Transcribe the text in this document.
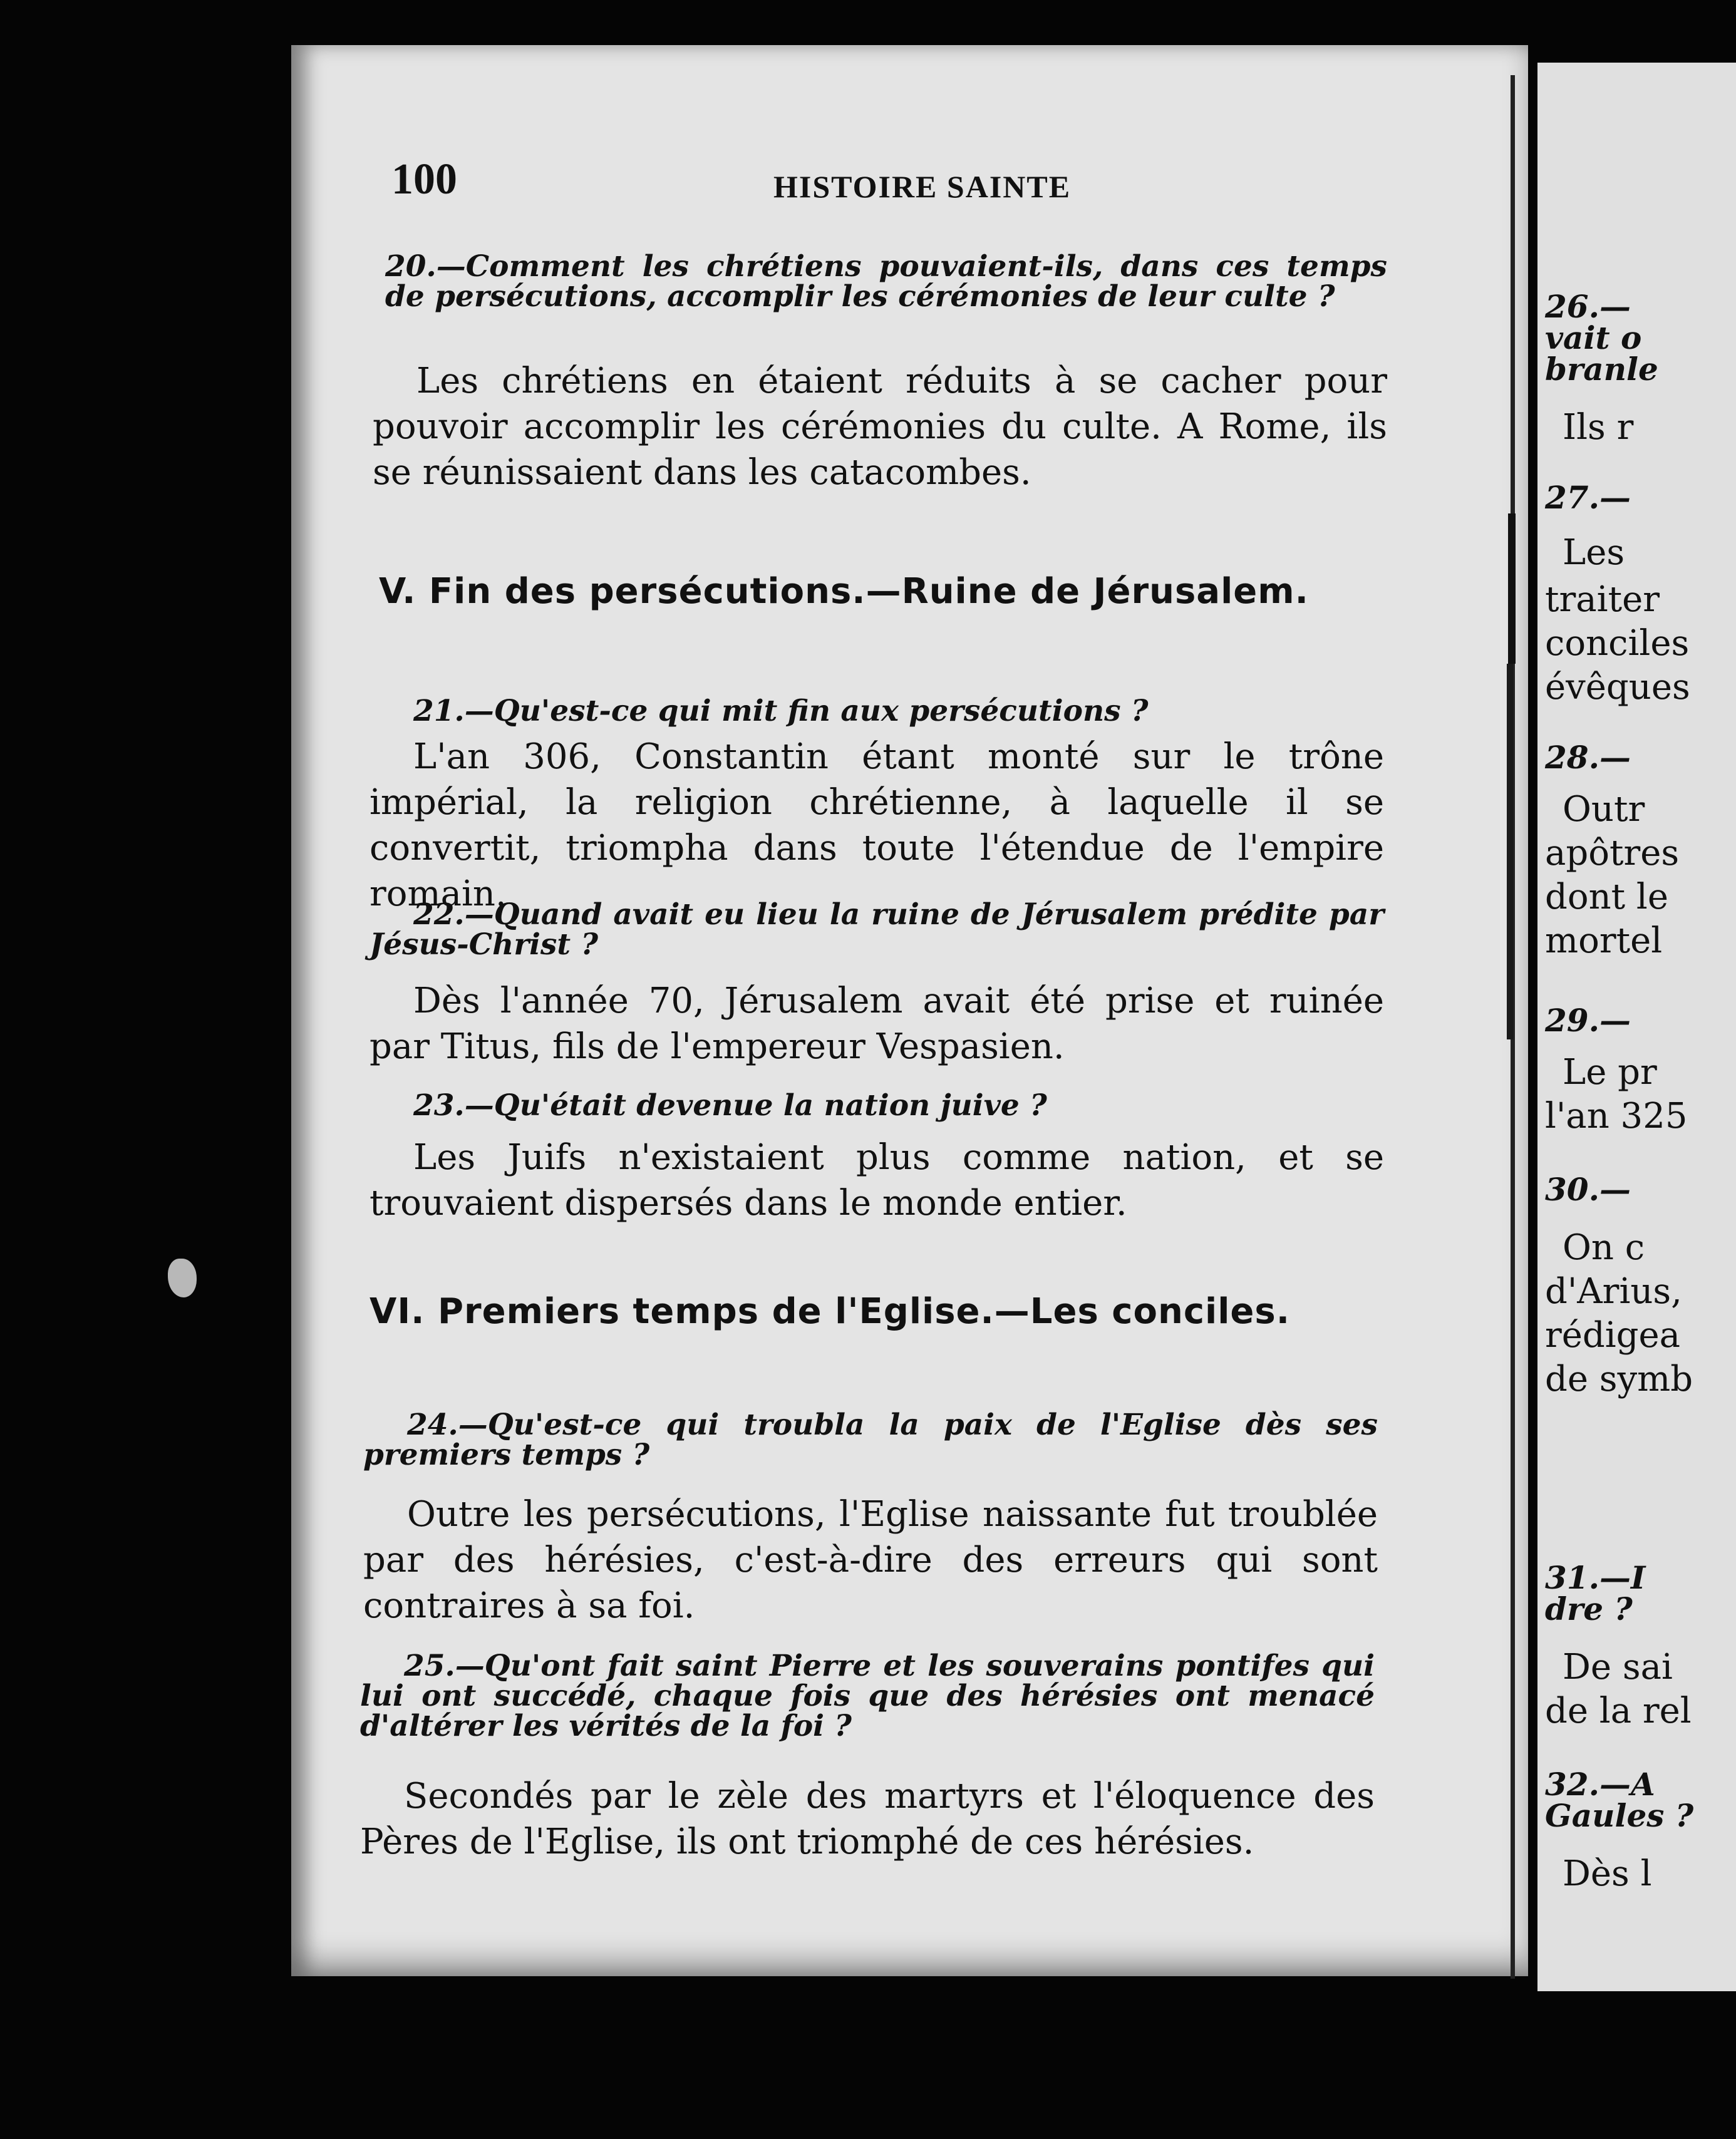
100	HISTOIRE SAINTE
20.—Comment les chrétiens pouvaient-ils, dans ces temps de persécutions, accomplir les cérémonies de leur culte ?
Les chrétiens en étaient réduits à se cacher pour pouvoir accomplir les cérémonies du culte. A Rome, ils se réunissaient dans les catacombes.
V. Fin des persécutions.—Ruine de Jérusalem.
21.—Qu'est-ce qui mit fin aux persécutions ?
L'an 306, Constantin étant monté sur le trône impérial, la religion chrétienne, à laquelle il se convertit, triompha dans toute l'étendue de l'empire romain.
22.—Quand avait eu lieu la ruine de Jérusalem prédite par Jésus-Christ ?
Dès l'année 70, Jérusalem avait été prise et ruinée par Titus, fils de l'empereur Vespasien.
23.—Qu'était devenue la nation juive ?
Les Juifs n'existaient plus comme nation, et se trouvaient dispersés dans le monde entier.
VI. Premiers temps de l'Eglise.—Les conciles.
24.—Qu'est-ce qui troubla la paix de l'Eglise dès ses premiers temps ?
Outre les persécutions, l'Eglise naissante fut troublée par des hérésies, c'est-à-dire des erreurs qui sont contraires à sa foi.
25.—Qu'ont fait saint Pierre et les souverains pontifes qui lui ont succédé, chaque fois que des hérésies ont menacé d'altérer les vérités de la foi ?
Secondés par le zèle des martyrs et l'éloquence des Pères de l'Eglise, ils ont triomphé de ces hérésies.
26.—
vait o
branle
Ils r
27.—
Les
traiter
conciles
évêques
28.—
Outr
apôtres
dont le
mortel
29.—
Le pr
l'an 325
30.—
On c
d'Arius,
rédigea
de symb
31.—I
dre ?
De sai
de la rel
32.—A
Gaules ?
Dès l
